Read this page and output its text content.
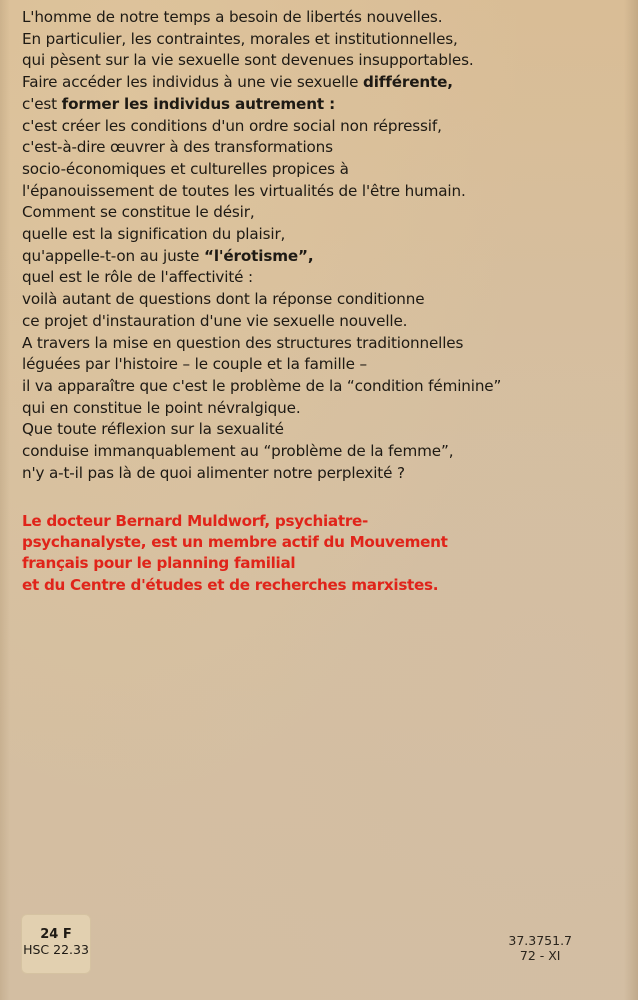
L'homme de notre temps a besoin de libertés nouvelles.
En particulier, les contraintes, morales et institutionnelles,
qui pèsent sur la vie sexuelle sont devenues insupportables.
Faire accéder les individus à une vie sexuelle différente,
c'est former les individus autrement :
c'est créer les conditions d'un ordre social non répressif,
c'est-à-dire œuvrer à des transformations
socio-économiques et culturelles propices à
l'épanouissement de toutes les virtualités de l'être humain.
Comment se constitue le désir,
quelle est la signification du plaisir,
qu'appelle-t-on au juste “l'érotisme”,
quel est le rôle de l'affectivité :
voilà autant de questions dont la réponse conditionne
ce projet d'instauration d'une vie sexuelle nouvelle.
A travers la mise en question des structures traditionnelles
léguées par l'histoire – le couple et la famille –
il va apparaître que c'est le problème de la “condition féminine”
qui en constitue le point névralgique.
Que toute réflexion sur la sexualité
conduise immanquablement au “problème de la femme”,
n'y a-t-il pas là de quoi alimenter notre perplexité ?
Le docteur Bernard Muldworf, psychiatre-
psychanalyste, est un membre actif du Mouvement
français pour le planning familial
et du Centre d'études et de recherches marxistes.
24 F
HSC 22.33
37.3751.7
72 - XI
